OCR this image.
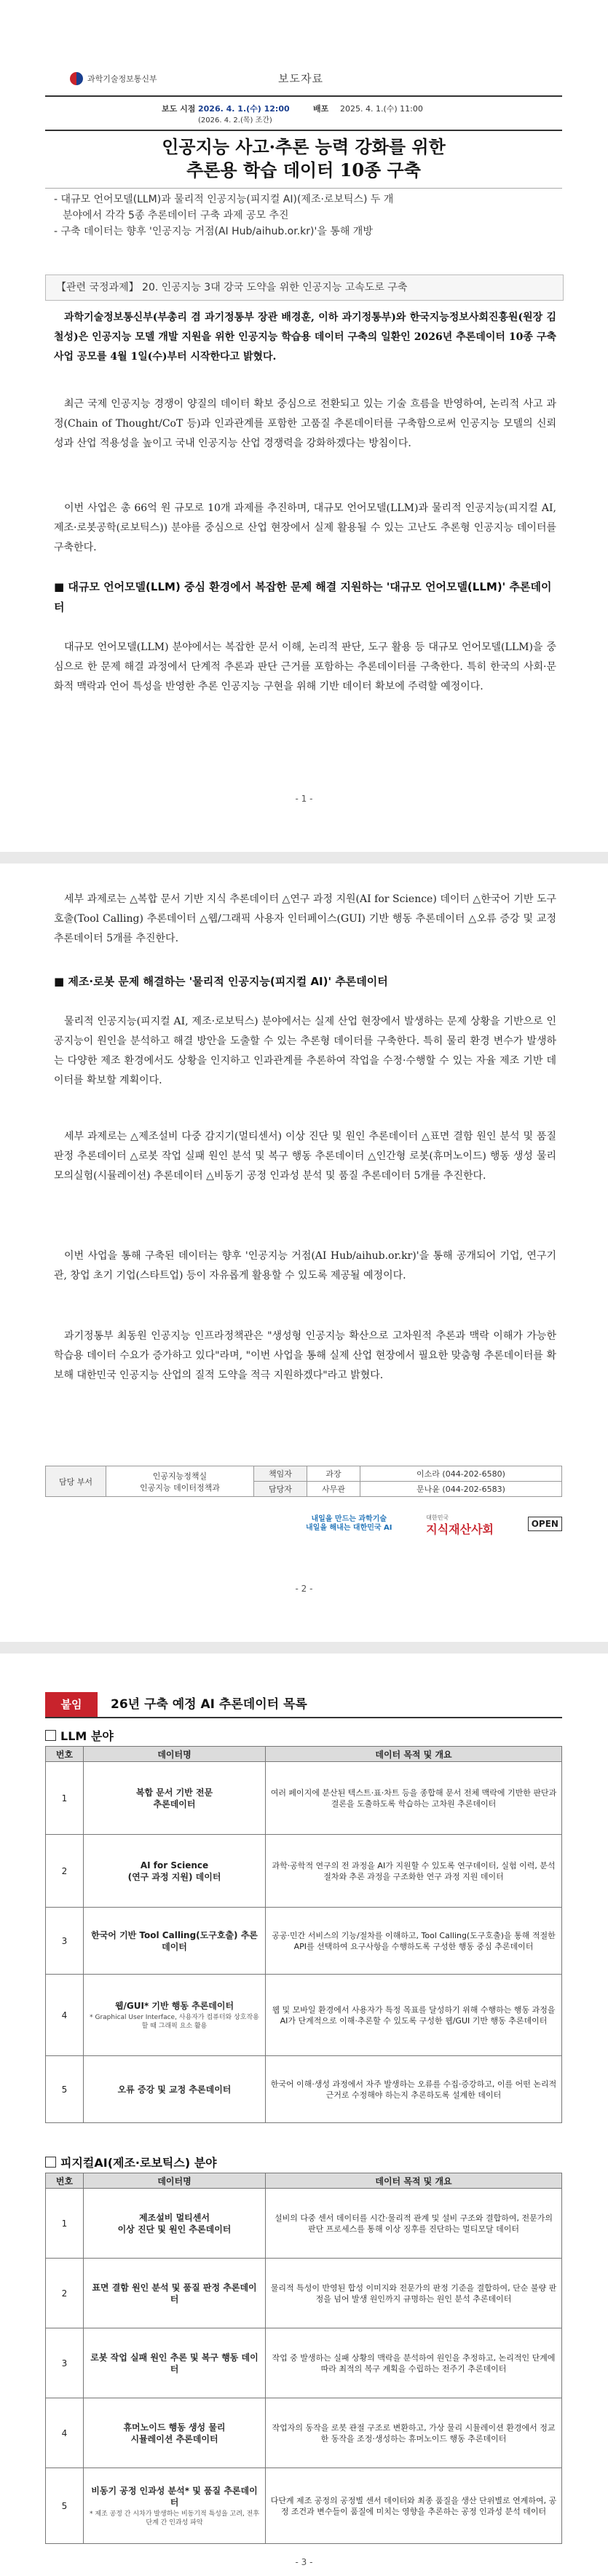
과학기술정보통신부	보도자료
보도 시점 2026. 4. 1.(수) 12:00
(2026. 4. 2.(목) 조간)
배포 2025. 4. 1.(수) 11:00
인공지능 사고·추론 능력 강화를 위한
추론용 학습 데이터 10종 구축
- 대규모 언어모델(LLM)과 물리적 인공지능(피지컬 AI)(제조·로보틱스) 두 개
분야에서 각각 5종 추론데이터 구축 과제 공모 추진
- 구축 데이터는 향후 '인공지능 거점(AI Hub/aihub.or.kr)'을 통해 개방
【관련 국정과제】 20. 인공지능 3대 강국 도약을 위한 인공지능 고속도로 구축
과학기술정보통신부(부총리 겸 과기정통부 장관 배경훈, 이하 과기정통부)와 한국지능정보사회진흥원(원장 김철성)은 인공지능 모델 개발 지원을 위한 인공지능 학습용 데이터 구축의 일환인 2026년 추론데이터 10종 구축 사업 공모를 4월 1일(수)부터 시작한다고 밝혔다.
최근 국제 인공지능 경쟁이 양질의 데이터 확보 중심으로 전환되고 있는 기술 흐름을 반영하여, 논리적 사고 과정(Chain of Thought/CoT 등)과 인과관계를 포함한 고품질 추론데이터를 구축함으로써 인공지능 모델의 신뢰성과 산업 적용성을 높이고 국내 인공지능 산업 경쟁력을 강화하겠다는 방침이다.
이번 사업은 총 66억 원 규모로 10개 과제를 추진하며, 대규모 언어모델(LLM)과 물리적 인공지능(피지컬 AI, 제조·로봇공학(로보틱스)) 분야를 중심으로 산업 현장에서 실제 활용될 수 있는 고난도 추론형 인공지능 데이터를 구축한다.
■ 대규모 언어모델(LLM) 중심 환경에서 복잡한 문제 해결 지원하는 '대규모 언어모델(LLM)' 추론데이터
대규모 언어모델(LLM) 분야에서는 복잡한 문서 이해, 논리적 판단, 도구 활용 등 대규모 언어모델(LLM)을 중심으로 한 문제 해결 과정에서 단계적 추론과 판단 근거를 포함하는 추론데이터를 구축한다. 특히 한국의 사회·문화적 맥락과 언어 특성을 반영한 추론 인공지능 구현을 위해 기반 데이터 확보에 주력할 예정이다.
- 1 -
세부 과제로는 △복합 문서 기반 지식 추론데이터 △연구 과정 지원(AI for Science) 데이터 △한국어 기반 도구 호출(Tool Calling) 추론데이터 △웹/그래픽 사용자 인터페이스(GUI) 기반 행동 추론데이터 △오류 증강 및 교정 추론데이터 5개를 추진한다.
■ 제조·로봇 문제 해결하는 '물리적 인공지능(피지컬 AI)' 추론데이터
물리적 인공지능(피지컬 AI, 제조·로보틱스) 분야에서는 실제 산업 현장에서 발생하는 문제 상황을 기반으로 인공지능이 원인을 분석하고 해결 방안을 도출할 수 있는 추론형 데이터를 구축한다. 특히 물리 환경 변수가 발생하는 다양한 제조 환경에서도 상황을 인지하고 인과관계를 추론하여 작업을 수정·수행할 수 있는 자율 제조 기반 데이터를 확보할 계획이다.
세부 과제로는 △제조설비 다중 감지기(멀티센서) 이상 진단 및 원인 추론데이터 △표면 결함 원인 분석 및 품질 판정 추론데이터 △로봇 작업 실패 원인 분석 및 복구 행동 추론데이터 △인간형 로봇(휴머노이드) 행동 생성 물리 모의실험(시뮬레이션) 추론데이터 △비동기 공정 인과성 분석 및 품질 추론데이터 5개를 추진한다.
이번 사업을 통해 구축된 데이터는 향후 '인공지능 거점(AI Hub/aihub.or.kr)'을 통해 공개되어 기업, 연구기관, 창업 초기 기업(스타트업) 등이 자유롭게 활용할 수 있도록 제공될 예정이다.
과기정통부 최동원 인공지능 인프라정책관은 "생성형 인공지능 확산으로 고차원적 추론과 맥락 이해가 가능한 학습용 데이터 수요가 증가하고 있다"라며, "이번 사업을 통해 실제 산업 현장에서 필요한 맞춤형 추론데이터를 확보해 대한민국 인공지능 산업의 질적 도약을 적극 지원하겠다"라고 밝혔다.
담당 부서	인공지능정책실
인공지능 데이터정책과	책임자	과장	이소라 (044-202-6580)
		담당자	사무관	문나윤 (044-202-6583)
내일을 만드는 과학기술
내일을 해내는 대한민국 AI
대한민국
지식재산사회	OPEN
- 2 -
붙임	26년 구축 예정 AI 추론데이터 목록
LLM 분야
번호	데이터명	데이터 목적 및 개요
1	복합 문서 기반 전문
추론데이터	여러 페이지에 분산된 텍스트·표·차트 등을 종합해 문서 전체 맥락에 기반한 판단과 결론을 도출하도록 학습하는 고차원 추론데이터
2	AI for Science
(연구 과정 지원) 데이터	과학·공학적 연구의 전 과정을 AI가 지원할 수 있도록 연구데이터, 실험 이력, 분석 절차와 추론 과정을 구조화한 연구 과정 지원 데이터
3	한국어 기반 Tool Calling(도구호출) 추론데이터	공공·민간 서비스의 기능/절차를 이해하고, Tool Calling(도구호출)을 통해 적절한 API를 선택하여 요구사항을 수행하도록 구성한 행동 중심 추론데이터
4	웹/GUI* 기반 행동 추론데이터
* Graphical User Interface, 사용자가 컴퓨터와 상호작용할 때 그래픽 요소 활용	웹 및 모바일 환경에서 사용자가 특정 목표를 달성하기 위해 수행하는 행동 과정을 AI가 단계적으로 이해·추론할 수 있도록 구성한 웹/GUI 기반 행동 추론데이터
5	오류 증강 및 교정 추론데이터	한국어 이해·생성 과정에서 자주 발생하는 오류를 수집·증강하고, 이를 어떤 논리적 근거로 수정해야 하는지 추론하도록 설계한 데이터
피지컬AI(제조·로보틱스) 분야
번호	데이터명	데이터 목적 및 개요
1	제조설비 멀티센서
이상 진단 및 원인 추론데이터	설비의 다중 센서 데이터를 시간·물리적 관계 및 설비 구조와 결합하여, 전문가의 판단 프로세스를 통해 이상 징후를 진단하는 멀티모달 데이터
2	표면 결함 원인 분석 및 품질 판정 추론데이터	물리적 특성이 반영된 합성 이미지와 전문가의 판정 기준을 결합하여, 단순 불량 판정을 넘어 발생 원인까지 규명하는 원인 분석 추론데이터
3	로봇 작업 실패 원인 추론 및 복구 행동 데이터	작업 중 발생하는 실패 상황의 맥락을 분석하여 원인을 추정하고, 논리적인 단계에 따라 최적의 복구 계획을 수립하는 전주기 추론데이터
4	휴머노이드 행동 생성 물리
시뮬레이션 추론데이터	작업자의 동작을 로봇 관절 구조로 변환하고, 가상 물리 시뮬레이션 환경에서 정교한 동작을 조정·생성하는 휴머노이드 행동 추론데이터
5	비동기 공정 인과성 분석* 및 품질 추론데이터
* 제조 공정 간 시차가 발생하는 비동기적 특성을 고려, 전후 단계 간 인과성 파악	다단계 제조 공정의 공정별 센서 데이터와 최종 품질을 생산 단위별로 연계하여, 공정 조건과 변수들이 품질에 미치는 영향을 추론하는 공정 인과성 분석 데이터
- 3 -
